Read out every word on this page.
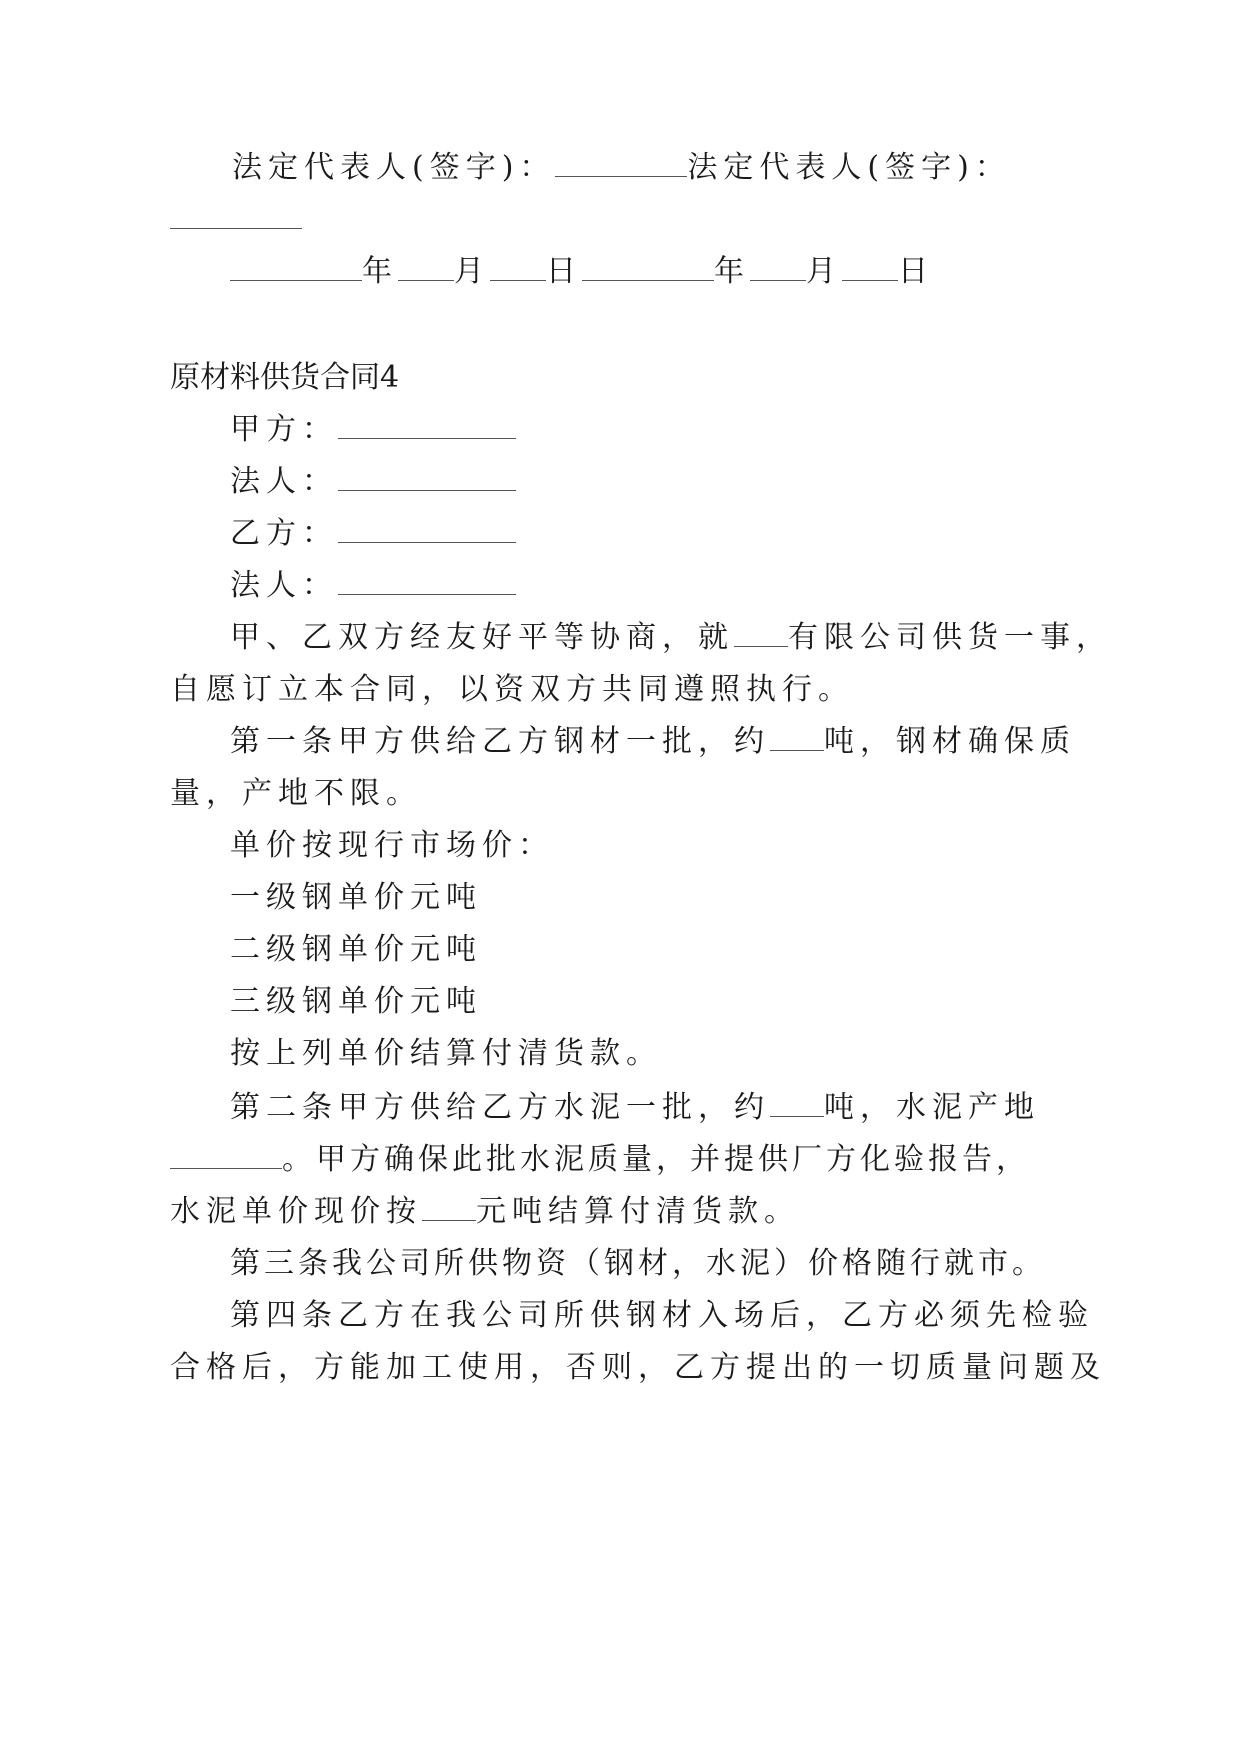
法定代表人(签字)：	法定代表人(签字)：
年 月 日	年 月 日
原材料供货合同4
甲方：
法人：
乙方：
法人：
甲、乙双方经友好平等协商，就 有限公司供货一事，
自愿订立本合同，以资双方共同遵照执行。
第一条甲方供给乙方钢材一批，约 吨，钢材确保质
量，产地不限。
单价按现行市场价：
一级钢单价元吨
二级钢单价元吨
三级钢单价元吨
按上列单价结算付清货款。
第二条甲方供给乙方水泥一批，约 吨，水泥产地
。甲方确保此批水泥质量，并提供厂方化验报告，
水泥单价现价按 元吨结算付清货款。
第三条我公司所供物资（钢材，水泥）价格随行就市。
第四条乙方在我公司所供钢材入场后，乙方必须先检验
合格后，方能加工使用，否则，乙方提出的一切质量问题及
